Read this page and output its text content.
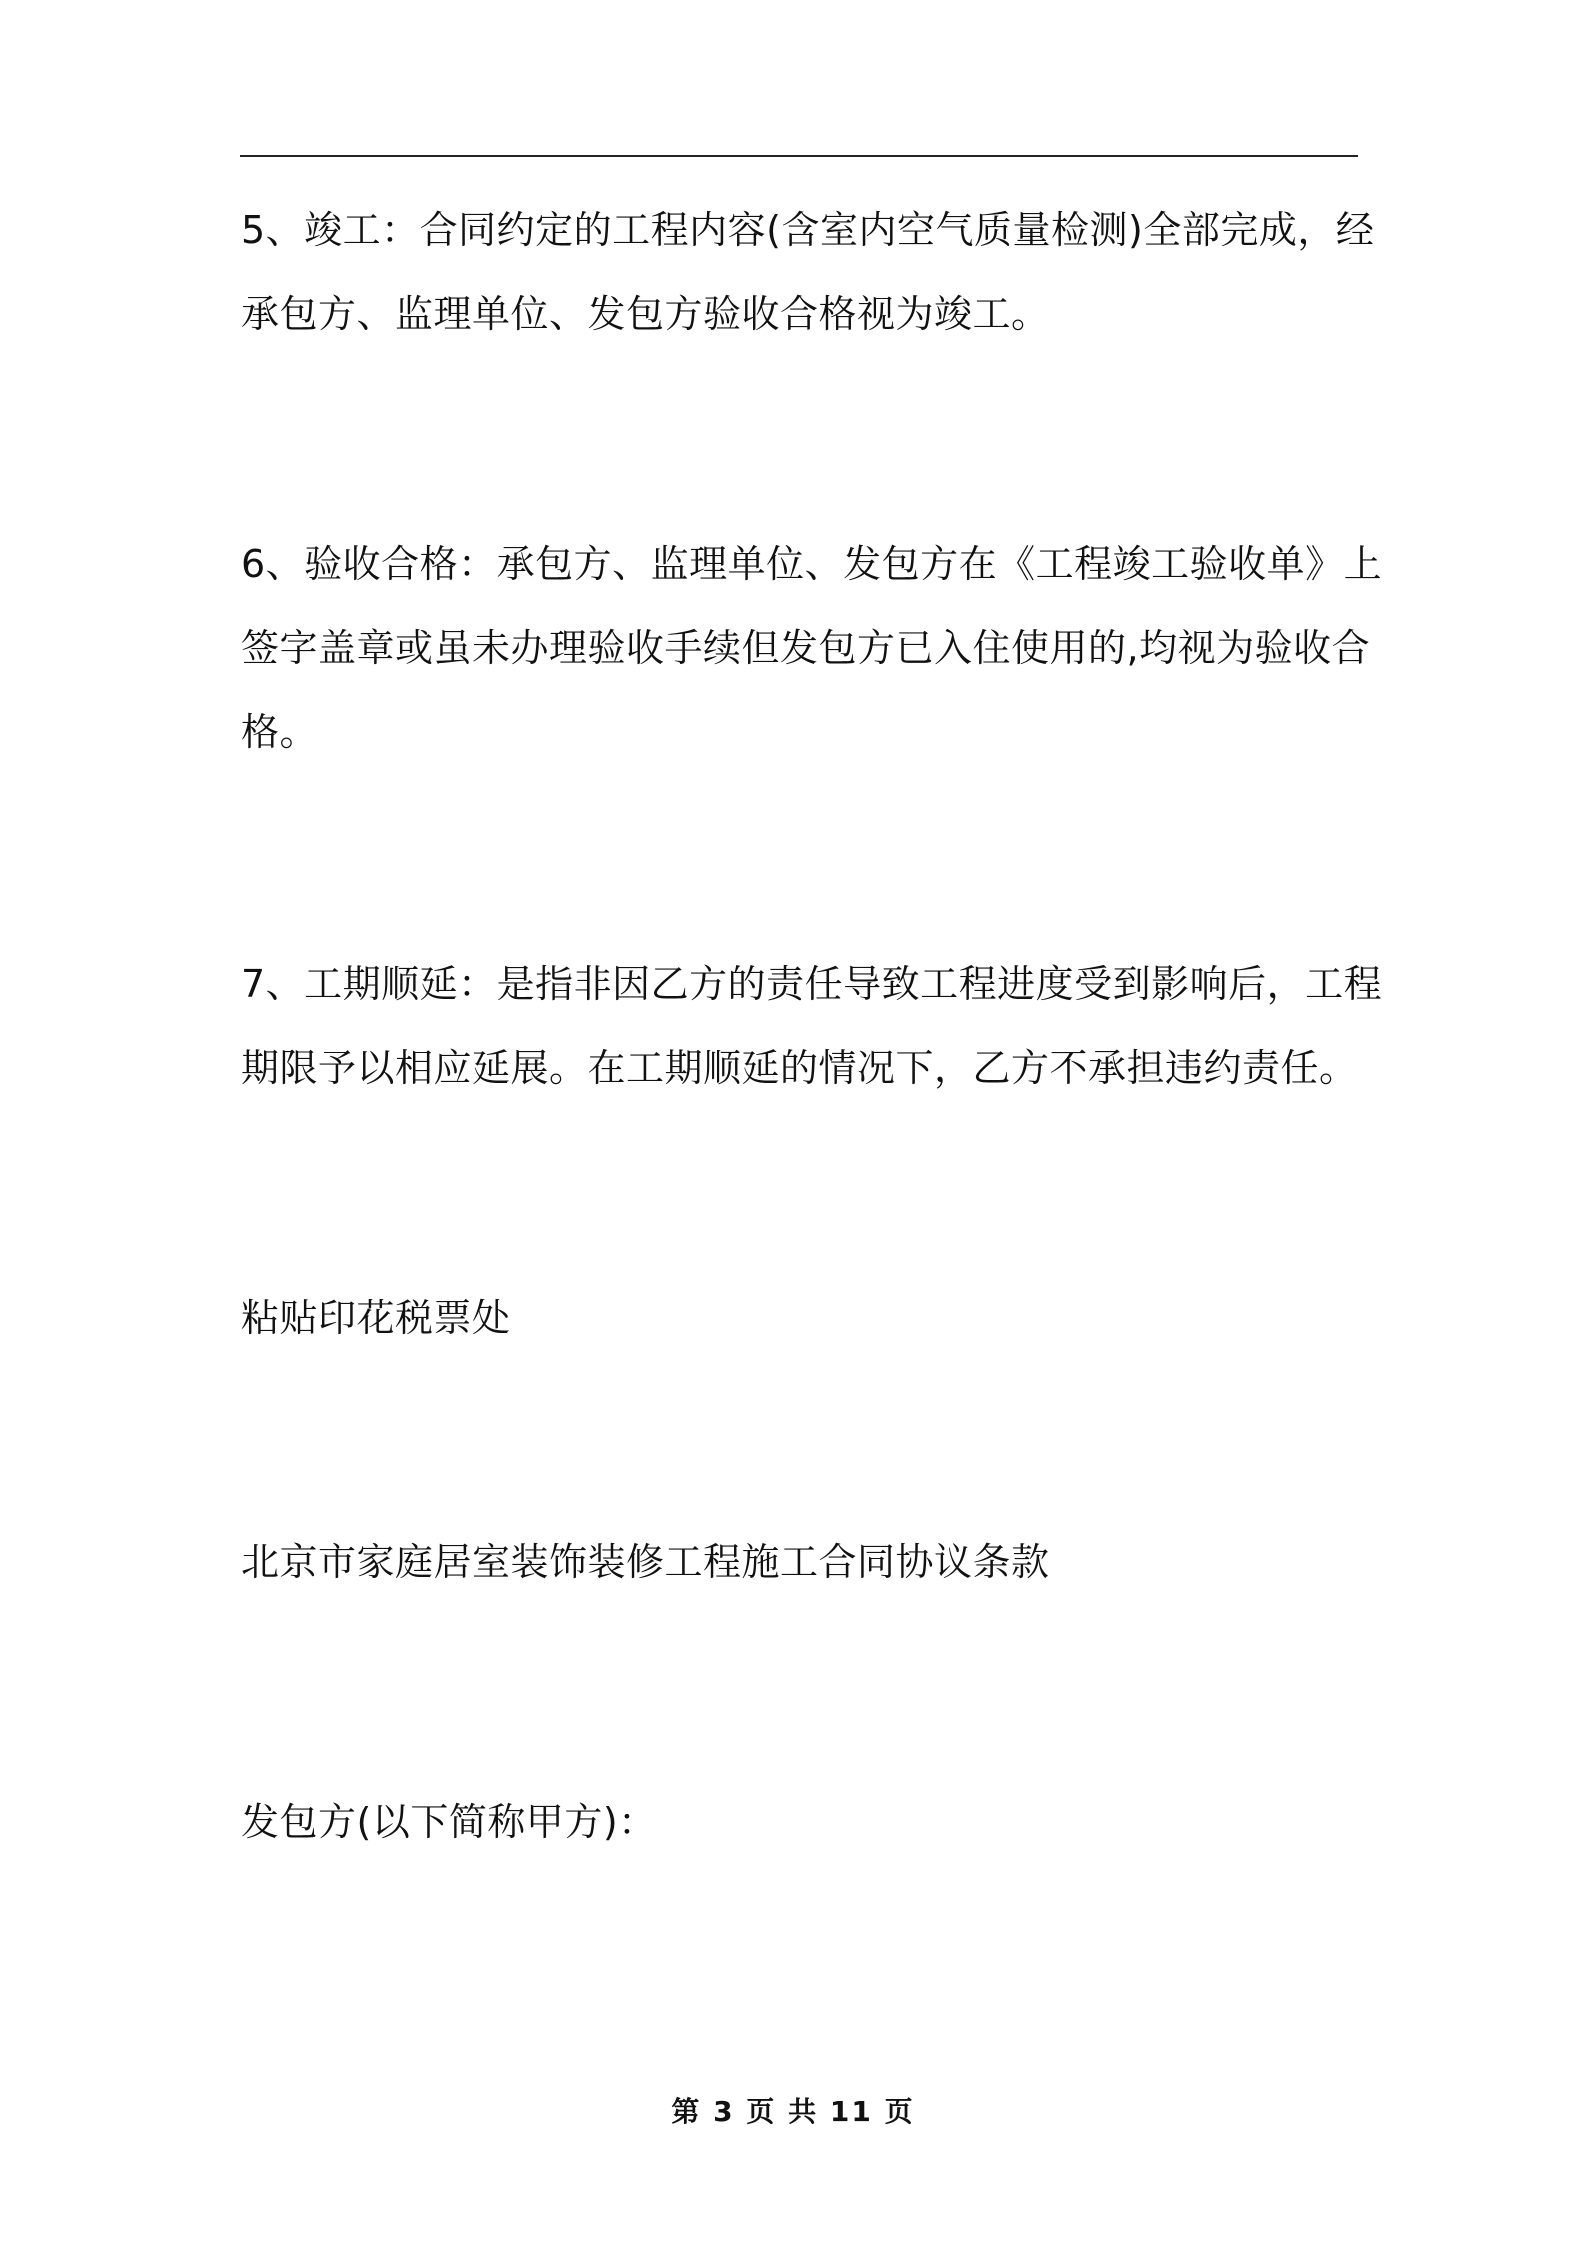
5、竣工：合同约定的工程内容(含室内空气质量检测)全部完成，经
承包方、监理单位、发包方验收合格视为竣工。

6、验收合格：承包方、监理单位、发包方在《工程竣工验收单》上
签字盖章或虽未办理验收手续但发包方已入住使用的,均视为验收合
格。

7、工期顺延：是指非因乙方的责任导致工程进度受到影响后，工程
期限予以相应延展。在工期顺延的情况下，乙方不承担违约责任。

粘贴印花税票处

北京市家庭居室装饰装修工程施工合同协议条款

发包方(以下简称甲方)：

第 3 页 共 11 页
